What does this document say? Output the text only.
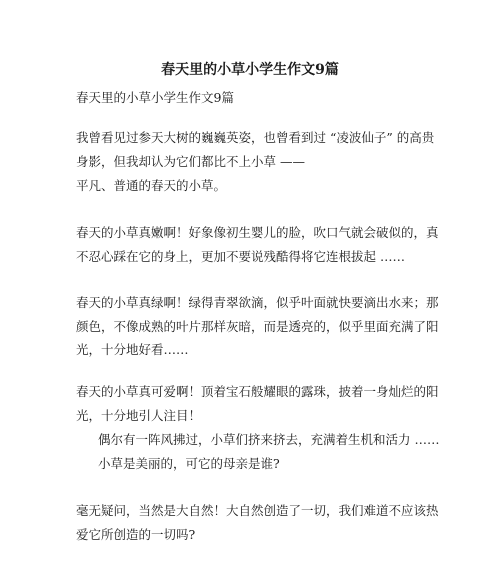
春天里的小草小学生作文9篇
春天里的小草小学生作文9篇
我曾看见过参天大树的巍巍英姿，也曾看到过 “凌波仙子” 的高贵
身影，但我却认为它们都比不上小草 ——
平凡、普通的春天的小草。
春天的小草真嫩啊！好象像初生婴儿的脸，吹口气就会破似的，真
不忍心踩在它的身上，更加不要说残酷得将它连根拔起 ……
春天的小草真绿啊！绿得青翠欲滴，似乎叶面就快要滴出水来；那
颜色，不像成熟的叶片那样灰暗，而是透亮的，似乎里面充满了阳
光，十分地好看……
春天的小草真可爱啊！顶着宝石般耀眼的露珠，披着一身灿烂的阳
光，十分地引人注目！
偶尔有一阵风拂过，小草们挤来挤去，充满着生机和活力 ……
小草是美丽的，可它的母亲是谁?
毫无疑问，当然是大自然！大自然创造了一切，我们难道不应该热
爱它所创造的一切吗?
